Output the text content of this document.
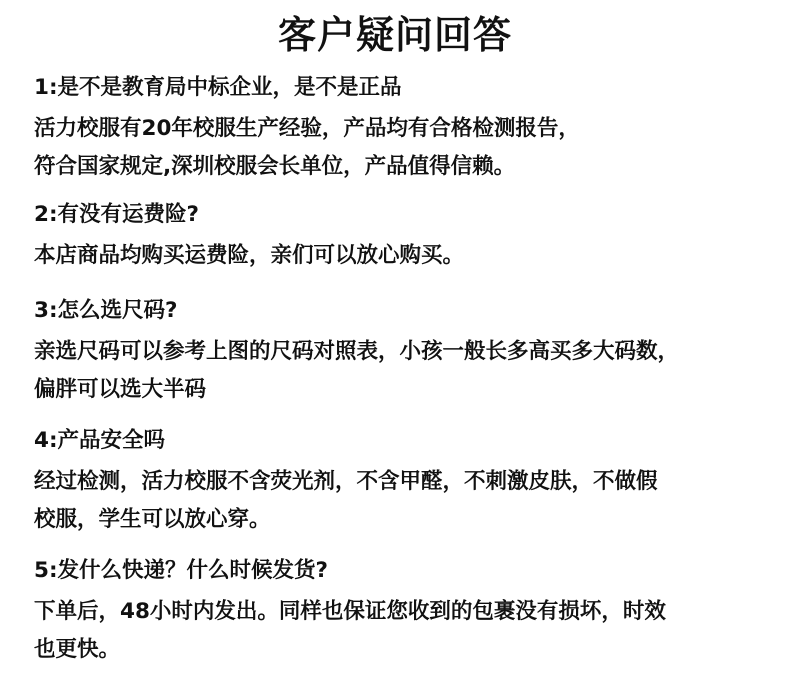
客户疑问回答
1:是不是教育局中标企业，是不是正品
活力校服有20年校服生产经验，产品均有合格检测报告，
符合国家规定,深圳校服会长单位，产品值得信赖。
2:有没有运费险?
本店商品均购买运费险，亲们可以放心购买。
3:怎么选尺码?
亲选尺码可以参考上图的尺码对照表，小孩一般长多高买多大码数，
偏胖可以选大半码
4:产品安全吗
经过检测，活力校服不含荧光剂，不含甲醛，不刺激皮肤，不做假
校服，学生可以放心穿。
5:发什么快递？什么时候发货?
下单后，48小时内发出。同样也保证您收到的包裹没有损坏，时效
也更快。
